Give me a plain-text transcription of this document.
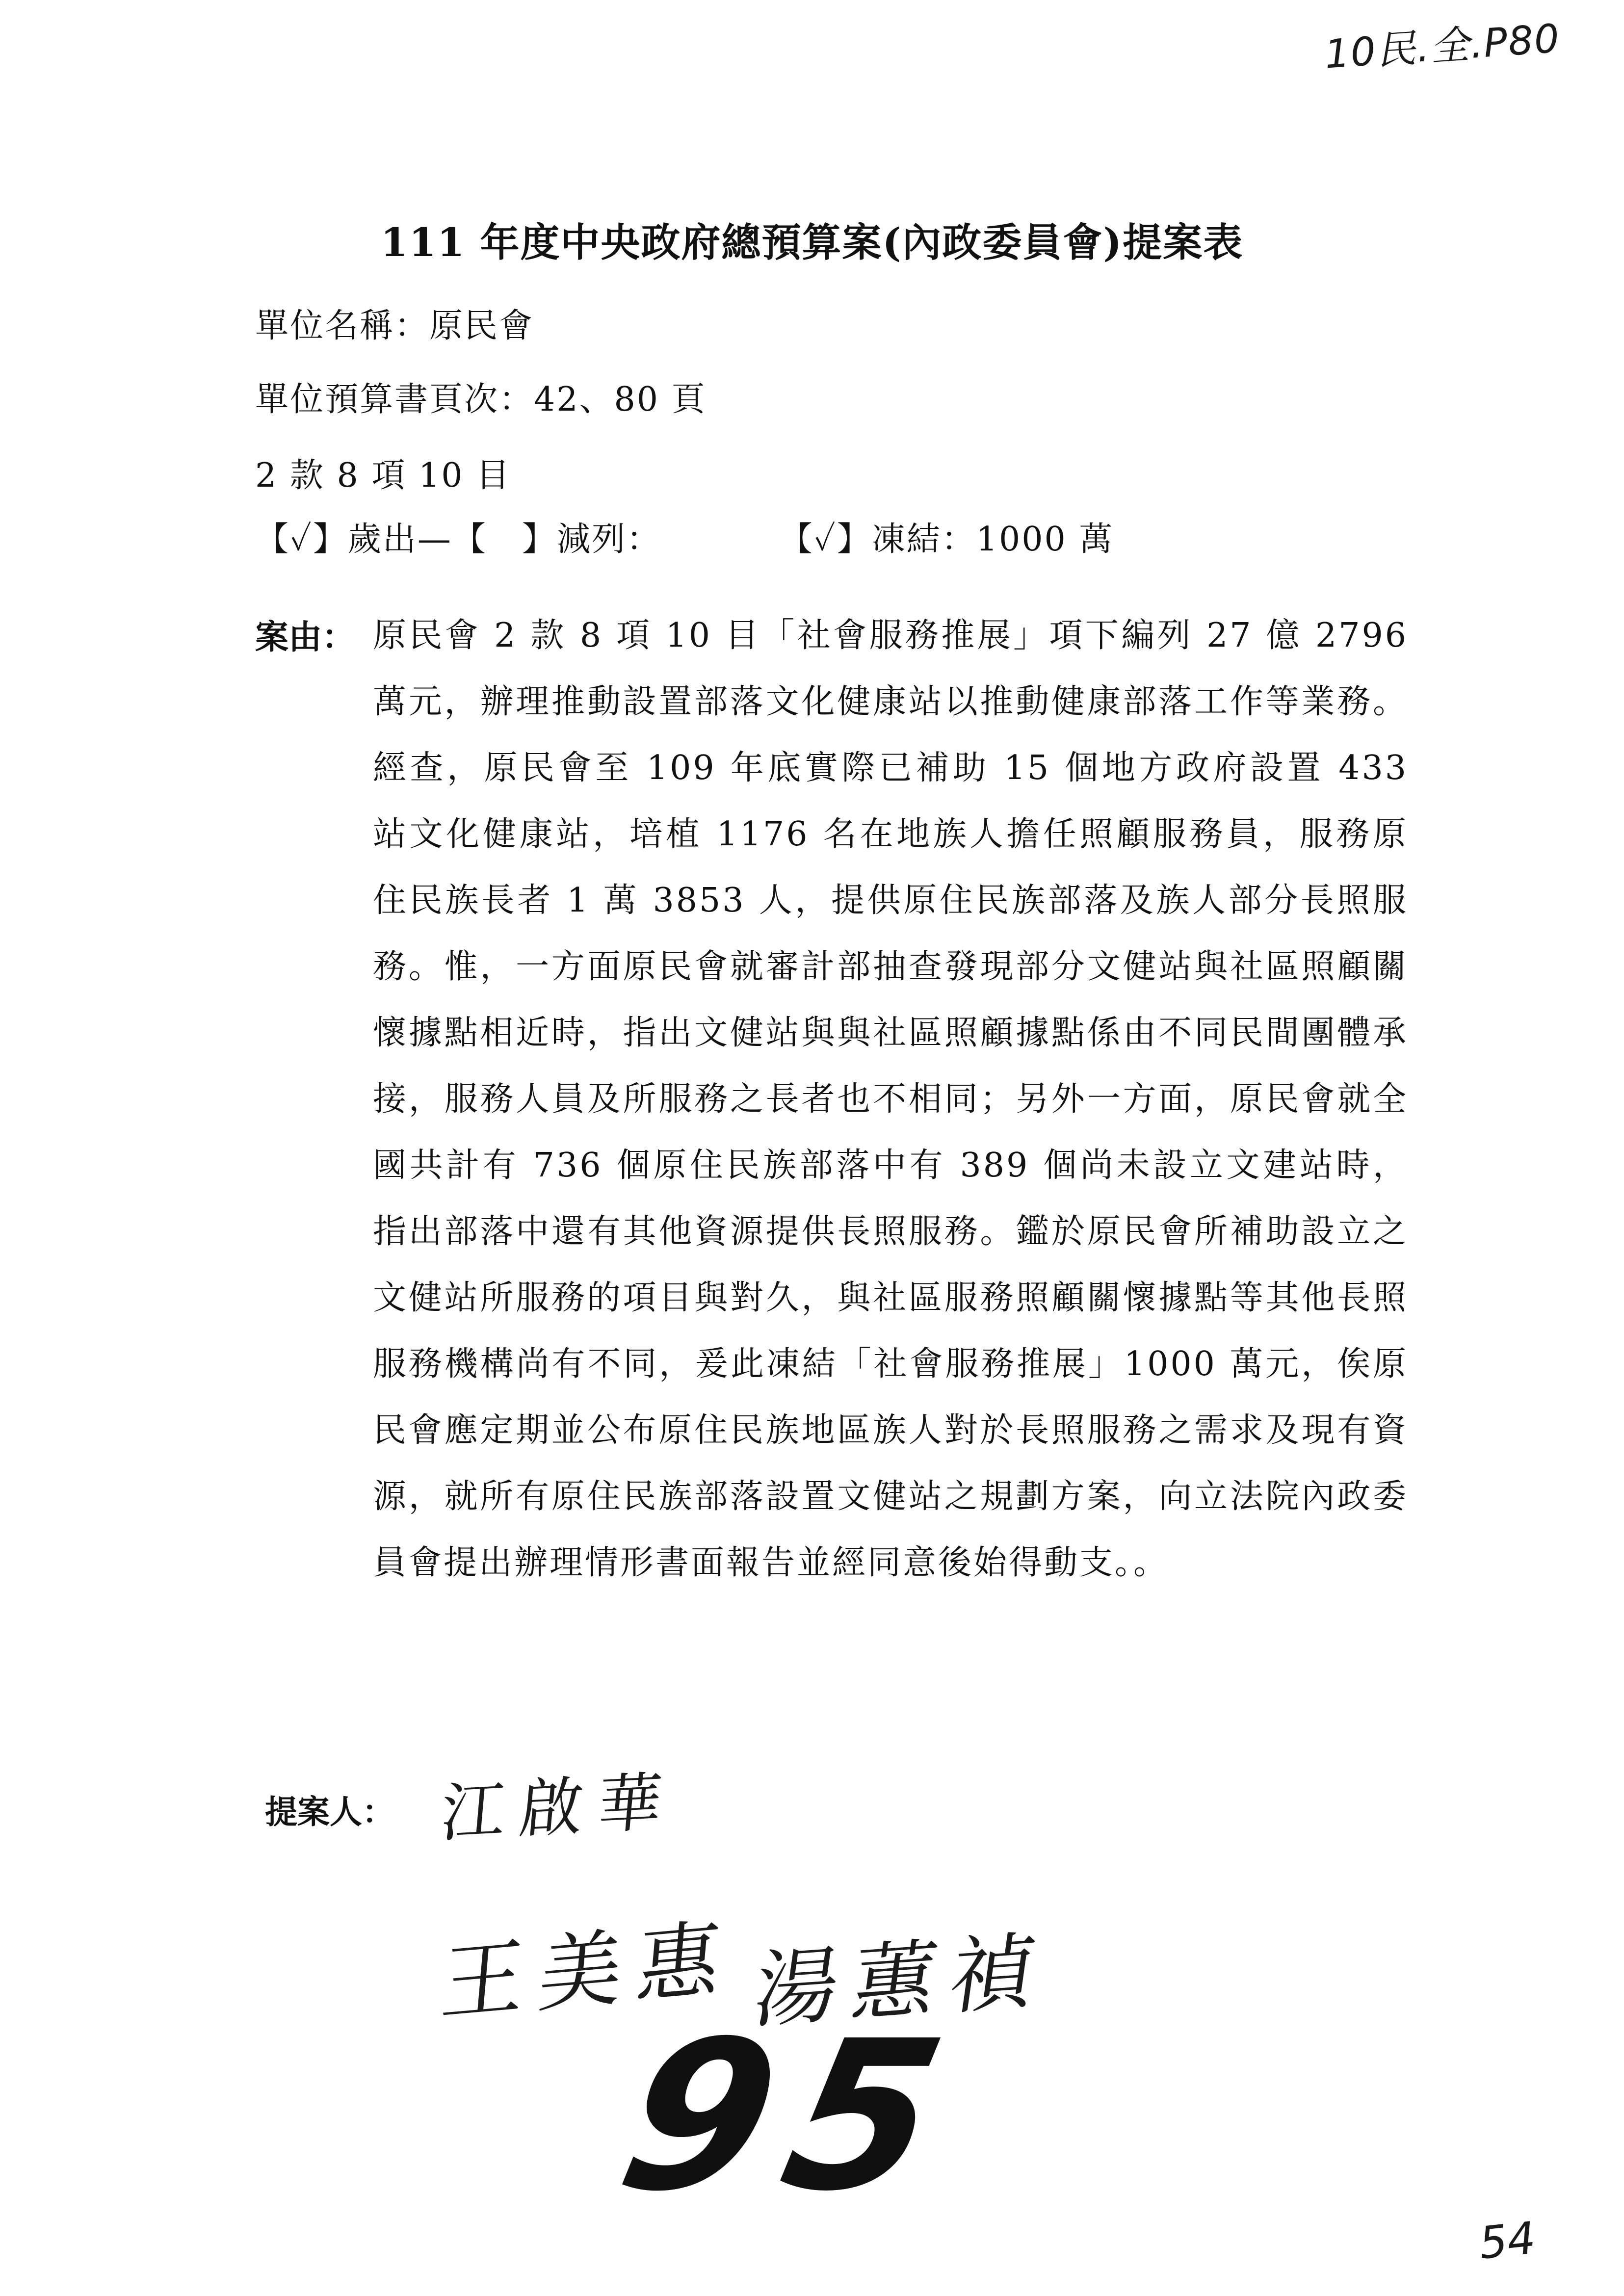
10民.全.P80
111 年度中央政府總預算案(內政委員會)提案表
單位名稱：原民會
單位預算書頁次：42、80 頁
2 款 8 項 10 目
【✓】歲出—【　】減列：	【✓】凍結：1000 萬
案由： 原民會 2 款 8 項 10 目「社會服務推展」項下編列 27 億 2796 萬元，辦理推動設置部落文化健康站以推動健康部落工作等業務。經查，原民會至 109 年底實際已補助 15 個地方政府設置 433 站文化健康站，培植 1176 名在地族人擔任照顧服務員，服務原住民族長者 1 萬 3853 人，提供原住民族部落及族人部分長照服務。惟，一方面原民會就審計部抽查發現部分文健站與社區照顧關懷據點相近時，指出文健站與與社區照顧據點係由不同民間團體承接，服務人員及所服務之長者也不相同；另外一方面，原民會就全國共計有 736 個原住民族部落中有 389 個尚未設立文建站時，指出部落中還有其他資源提供長照服務。鑑於原民會所補助設立之文健站所服務的項目與對久，與社區服務照顧關懷據點等其他長照服務機構尚有不同，爰此凍結「社會服務推展」1000 萬元，俟原民會應定期並公布原住民族地區族人對於長照服務之需求及現有資源，就所有原住民族部落設置文健站之規劃方案，向立法院內政委員會提出辦理情形書面報告並經同意後始得動支。。
提案人： 江啟華
王美惠 湯蕙禎
95
54
